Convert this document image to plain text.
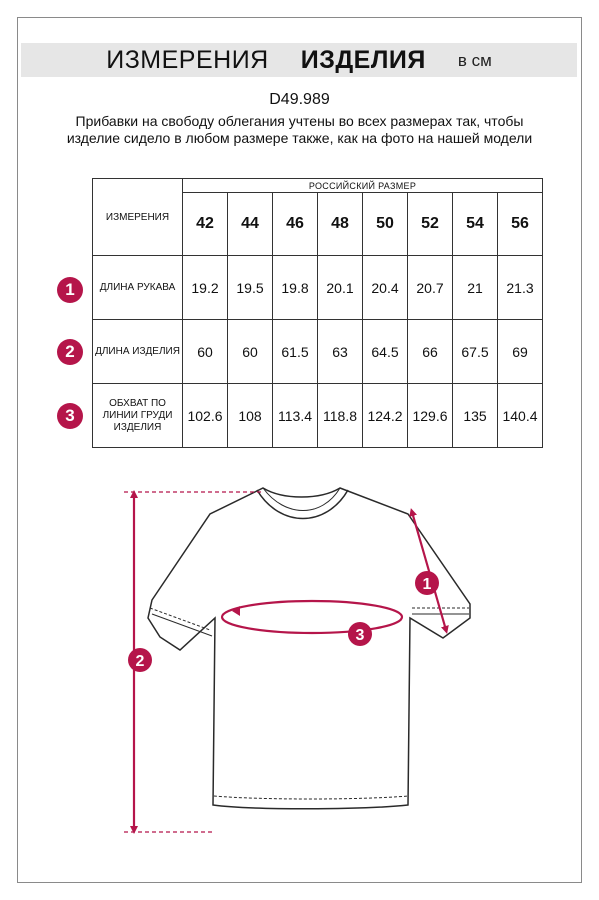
ИЗМЕРЕНИЯ ИЗДЕЛИЯ в см
D49.989
Прибавки на свободу облегания учтены во всех размерах так, чтобы изделие сидело в любом размере также, как на фото на нашей модели
ИЗМЕРЕНИЯ	РОССИЙСКИЙ РАЗМЕР							
	42	44	46	48	50	52	54	56
ДЛИНА РУКАВА	19.2	19.5	19.8	20.1	20.4	20.7	21	21.3
ДЛИНА ИЗДЕЛИЯ	60	60	61.5	63	64.5	66	67.5	69
ОБХВАТ ПО ЛИНИИ ГРУДИ ИЗДЕЛИЯ	102.6	108	113.4	118.8	124.2	129.6	135	140.4
1
2
3
1
2
3
